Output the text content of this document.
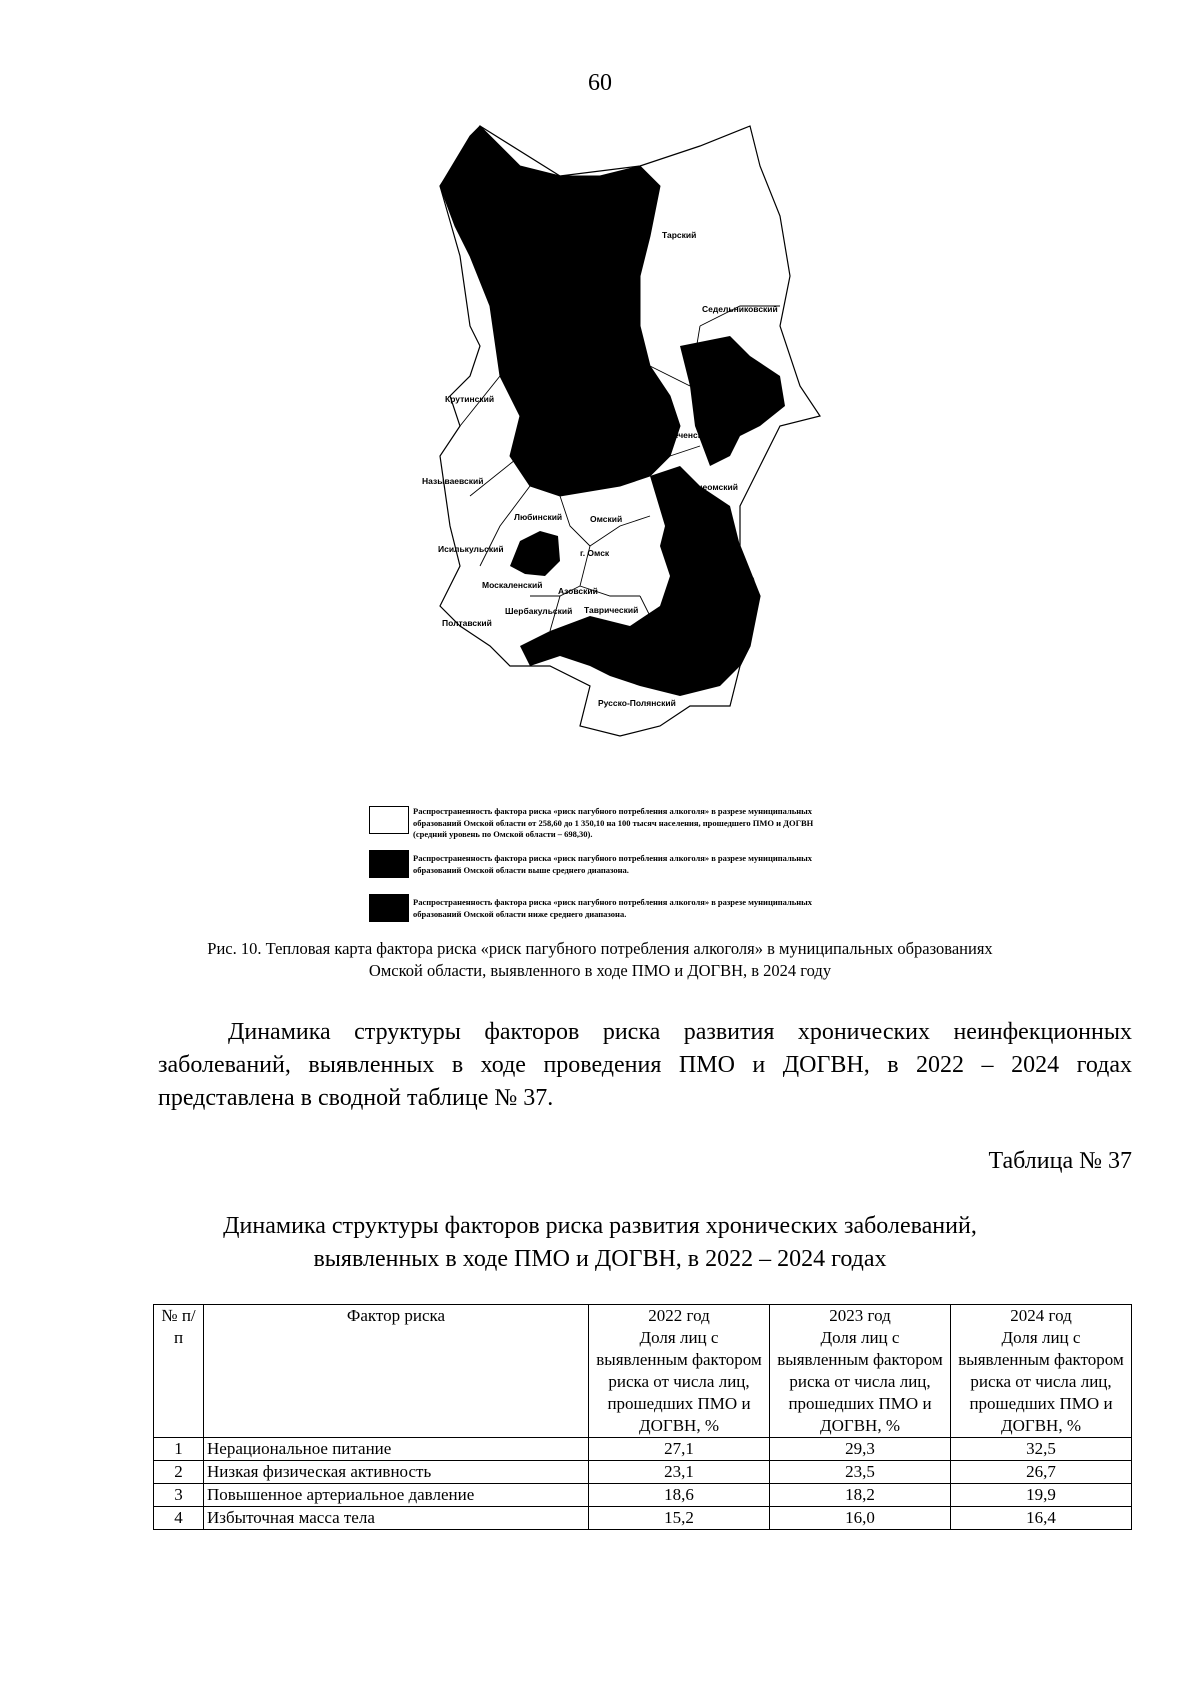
60
Тарский
Седельниковский
Крутинский
Большереченский
Называевский
Нижнеомский
Любинский	Омский
Исилькульский	г. Омск
Оконешниковский
Москаленский
Азовский
Шербакульский Таврический
Полтавский
Русско-Полянский
Распространенность фактора риска «риск пагубного потребления алкоголя» в разрезе муниципальных
образований Омской области от 258,60 до 1 350,10 на 100 тысяч населения, прошедшего ПМО и ДОГВН
(средний уровень по Омской области – 698,30).
Распространенность фактора риска «риск пагубного потребления алкоголя» в разрезе муниципальных
образований Омской области выше среднего диапазона.
Распространенность фактора риска «риск пагубного потребления алкоголя» в разрезе муниципальных
образований Омской области ниже среднего диапазона.
Рис. 10. Тепловая карта фактора риска «риск пагубного потребления алкоголя» в муниципальных образованиях
Омской области, выявленного в ходе ПМО и ДОГВН, в 2024 году
Динамика структуры факторов риска развития хронических неинфекционных заболеваний, выявленных в ходе проведения ПМО и ДОГВН, в 2022 – 2024 годах представлена в сводной таблице № 37.
Таблица № 37
Динамика структуры факторов риска развития хронических заболеваний,
выявленных в ходе ПМО и ДОГВН, в 2022 – 2024 годах
№ п/п	Фактор риска	2022 год	2023 год	2024 год
		Доля лиц с выявленным фактором риска от числа лиц, прошедших ПМО и ДОГВН, %	Доля лиц с выявленным фактором риска от числа лиц, прошедших ПМО и ДОГВН, %	Доля лиц с выявленным фактором риска от числа лиц, прошедших ПМО и ДОГВН, %
1	Нерациональное питание	27,1	29,3	32,5
2	Низкая физическая активность	23,1	23,5	26,7
3	Повышенное артериальное давление	18,6	18,2	19,9
4	Избыточная масса тела	15,2	16,0	16,4
